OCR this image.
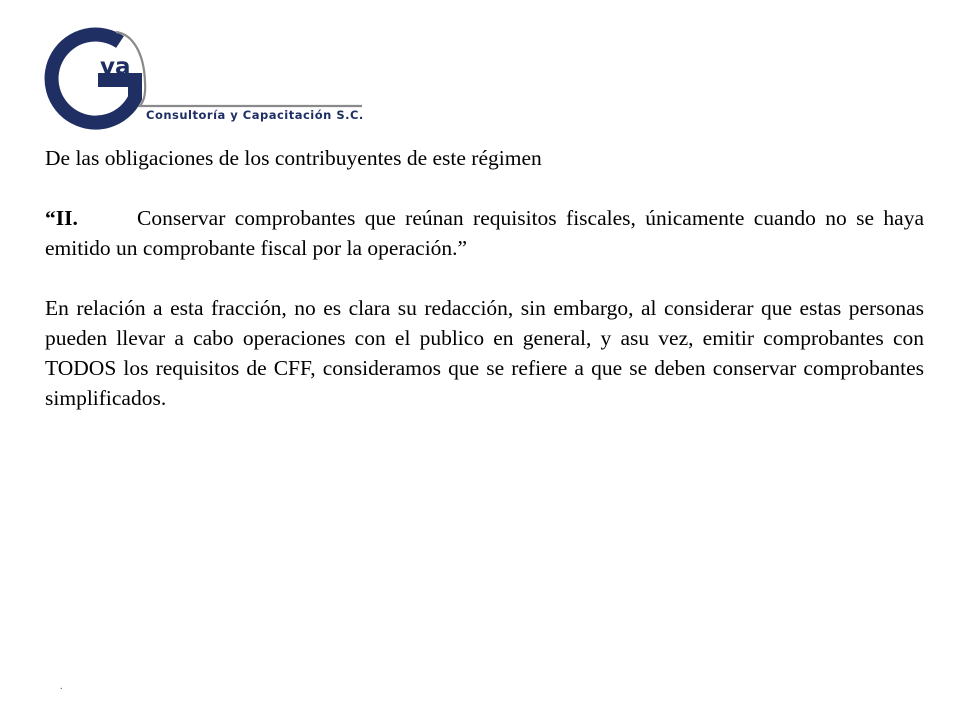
va
Consultoría y Capacitación S.C.

De las obligaciones de los contribuyentes de este régimen

“II.	Conservar comprobantes que reúnan requisitos fiscales, únicamente cuando no se haya emitido un comprobante fiscal por la operación.”

En relación a esta fracción, no es clara su redacción, sin embargo, al considerar que estas personas pueden llevar a cabo operaciones con el publico en general, y asu vez, emitir comprobantes con TODOS los requisitos de CFF, consideramos que se refiere a que se deben conservar comprobantes simplificados.

.
